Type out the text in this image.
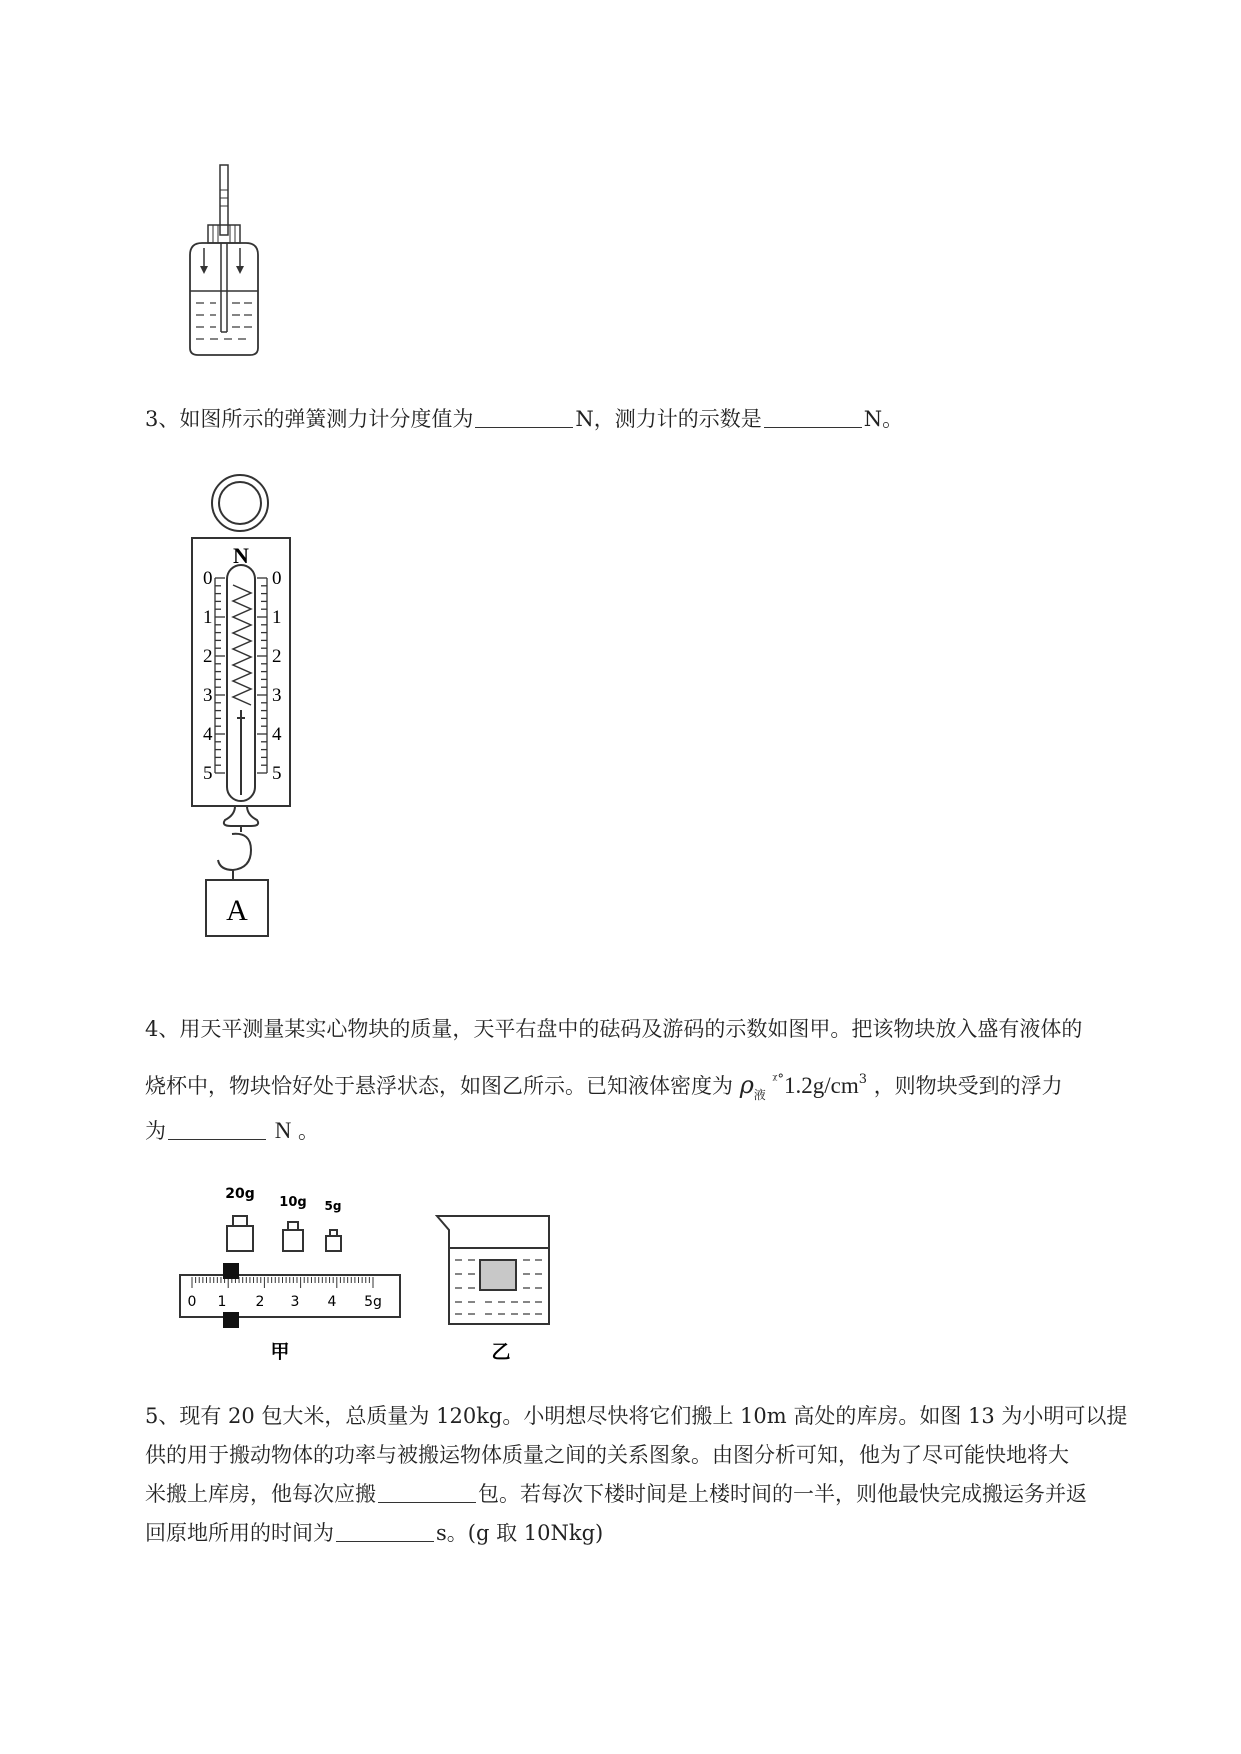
3、如图所示的弹簧测力计分度值为	N，测力计的示数是	N。

N
0
1
2
3
4
5
0
1
2
3
4
5
A

4、用天平测量某实心物块的质量，天平右盘中的砝码及游码的示数如图甲。把该物块放入盛有液体的

烧杯中，物块恰好处于悬浮状态，如图乙所示。已知液体密度为 $\rho_液$ $^{ᵡ^\circ}1.2g/cm^3$ ，则物块受到的浮力

为	N 。

20g
10g 5g
0 1 2 3 4 5g
甲	乙

5、现有 20 包大米，总质量为 120kg。小明想尽快将它们搬上 10m 高处的库房。如图 13 为小明可以提

供的用于搬动物体的功率与被搬运物体质量之间的关系图象。由图分析可知，他为了尽可能快地将大

米搬上库房，他每次应搬	包。若每次下楼时间是上楼时间的一半，则他最快完成搬运务并返

回原地所用的时间为	s。(g 取 10Nkg)
